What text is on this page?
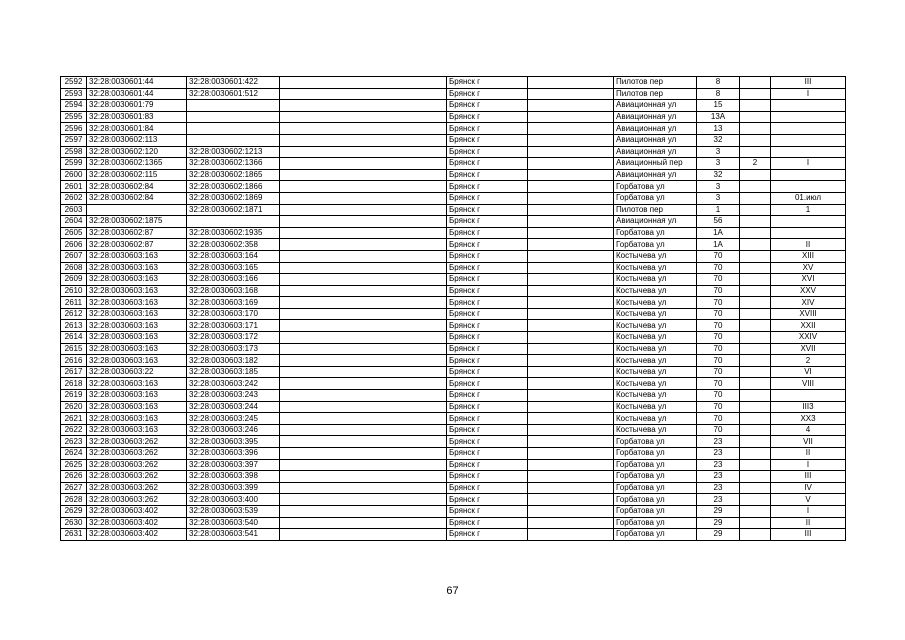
2592	32:28:0030601:44	32:28:0030601:422		Брянск г		Пилотов пер	8		III
2593	32:28:0030601:44	32:28:0030601:512		Брянск г		Пилотов пер	8		I
2594	32:28:0030601:79			Брянск г		Авиационная ул	15		
2595	32:28:0030601:83			Брянск г		Авиационная ул	13А		
2596	32:28:0030601:84			Брянск г		Авиационная ул	13		
2597	32:28:0030602:113			Брянск г		Авиационная ул	32		
2598	32:28:0030602:120	32:28:0030602:1213		Брянск г		Авиационная ул	3		
2599	32:28:0030602:1365	32:28:0030602:1366		Брянск г		Авиационный пер	3	2	I
2600	32:28:0030602:115	32:28:0030602:1865		Брянск г		Авиационная ул	32		
2601	32:28:0030602:84	32:28:0030602:1866		Брянск г		Горбатова ул	3		
2602	32:28:0030602:84	32:28:0030602:1869		Брянск г		Горбатова ул	3		01.июл
2603		32:28:0030602:1871		Брянск г		Пилотов пер	1		1
2604	32:28:0030602:1875			Брянск г		Авиационная ул	56		
2605	32:28:0030602:87	32:28:0030602:1935		Брянск г		Горбатова ул	1А		
2606	32:28:0030602:87	32:28:0030602:358		Брянск г		Горбатова ул	1А		II
2607	32:28:0030603:163	32:28:0030603:164		Брянск г		Костычева ул	70		XIII
2608	32:28:0030603:163	32:28:0030603:165		Брянск г		Костычева ул	70		XV
2609	32:28:0030603:163	32:28:0030603:166		Брянск г		Костычева ул	70		XVI
2610	32:28:0030603:163	32:28:0030603:168		Брянск г		Костычева ул	70		XXV
2611	32:28:0030603:163	32:28:0030603:169		Брянск г		Костычева ул	70		XIV
2612	32:28:0030603:163	32:28:0030603:170		Брянск г		Костычева ул	70		XVIII
2613	32:28:0030603:163	32:28:0030603:171		Брянск г		Костычева ул	70		XXII
2614	32:28:0030603:163	32:28:0030603:172		Брянск г		Костычева ул	70		XXIV
2615	32:28:0030603:163	32:28:0030603:173		Брянск г		Костычева ул	70		XVII
2616	32:28:0030603:163	32:28:0030603:182		Брянск г		Костычева ул	70		2
2617	32:28:0030603:22	32:28:0030603:185		Брянск г		Костычева ул	70		VI
2618	32:28:0030603:163	32:28:0030603:242		Брянск г		Костычева ул	70		VIII
2619	32:28:0030603:163	32:28:0030603:243		Брянск г		Костычева ул	70		
2620	32:28:0030603:163	32:28:0030603:244		Брянск г		Костычева ул	70		III3
2621	32:28:0030603:163	32:28:0030603:245		Брянск г		Костычева ул	70		XX3
2622	32:28:0030603:163	32:28:0030603:246		Брянск г		Костычева ул	70		4
2623	32:28:0030603:262	32:28:0030603:395		Брянск г		Горбатова ул	23		VII
2624	32:28:0030603:262	32:28:0030603:396		Брянск г		Горбатова ул	23		II
2625	32:28:0030603:262	32:28:0030603:397		Брянск г		Горбатова ул	23		I
2626	32:28:0030603:262	32:28:0030603:398		Брянск г		Горбатова ул	23		III
2627	32:28:0030603:262	32:28:0030603:399		Брянск г		Горбатова ул	23		IV
2628	32:28:0030603:262	32:28:0030603:400		Брянск г		Горбатова ул	23		V
2629	32:28:0030603:402	32:28:0030603:539		Брянск г		Горбатова ул	29		I
2630	32:28:0030603:402	32:28:0030603:540		Брянск г		Горбатова ул	29		II
2631	32:28:0030603:402	32:28:0030603:541		Брянск г		Горбатова ул	29		III
67
